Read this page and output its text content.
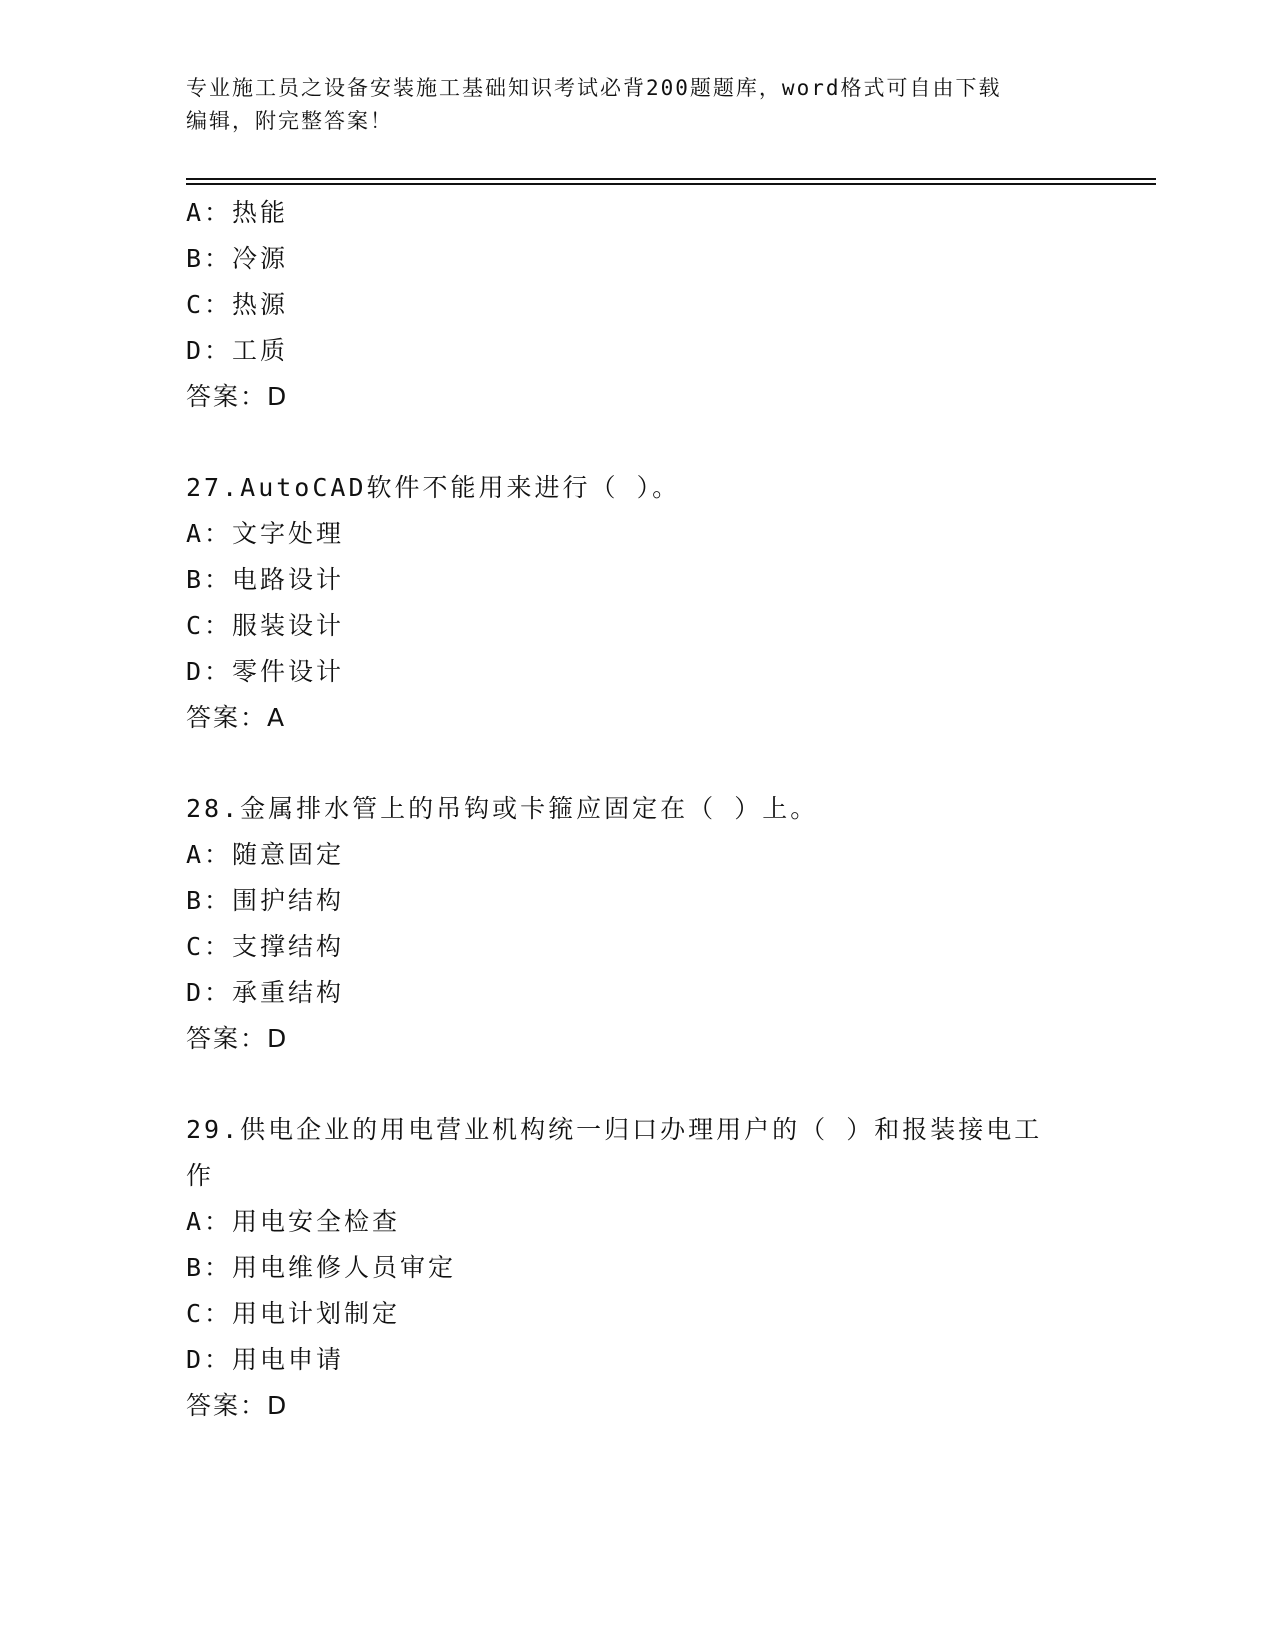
专业施工员之设备安装施工基础知识考试必背200题题库，word格式可自由下载
编辑，附完整答案！
A：热能
B：冷源
C：热源
D：工质
答案：D
27.AutoCAD软件不能用来进行（ ）。
A：文字处理
B：电路设计
C：服装设计
D：零件设计
答案：A
28.金属排水管上的吊钩或卡箍应固定在（ ）上。
A：随意固定
B：围护结构
C：支撑结构
D：承重结构
答案：D
29.供电企业的用电营业机构统一归口办理用户的（ ）和报装接电工
作
A：用电安全检查
B：用电维修人员审定
C：用电计划制定
D：用电申请
答案：D
